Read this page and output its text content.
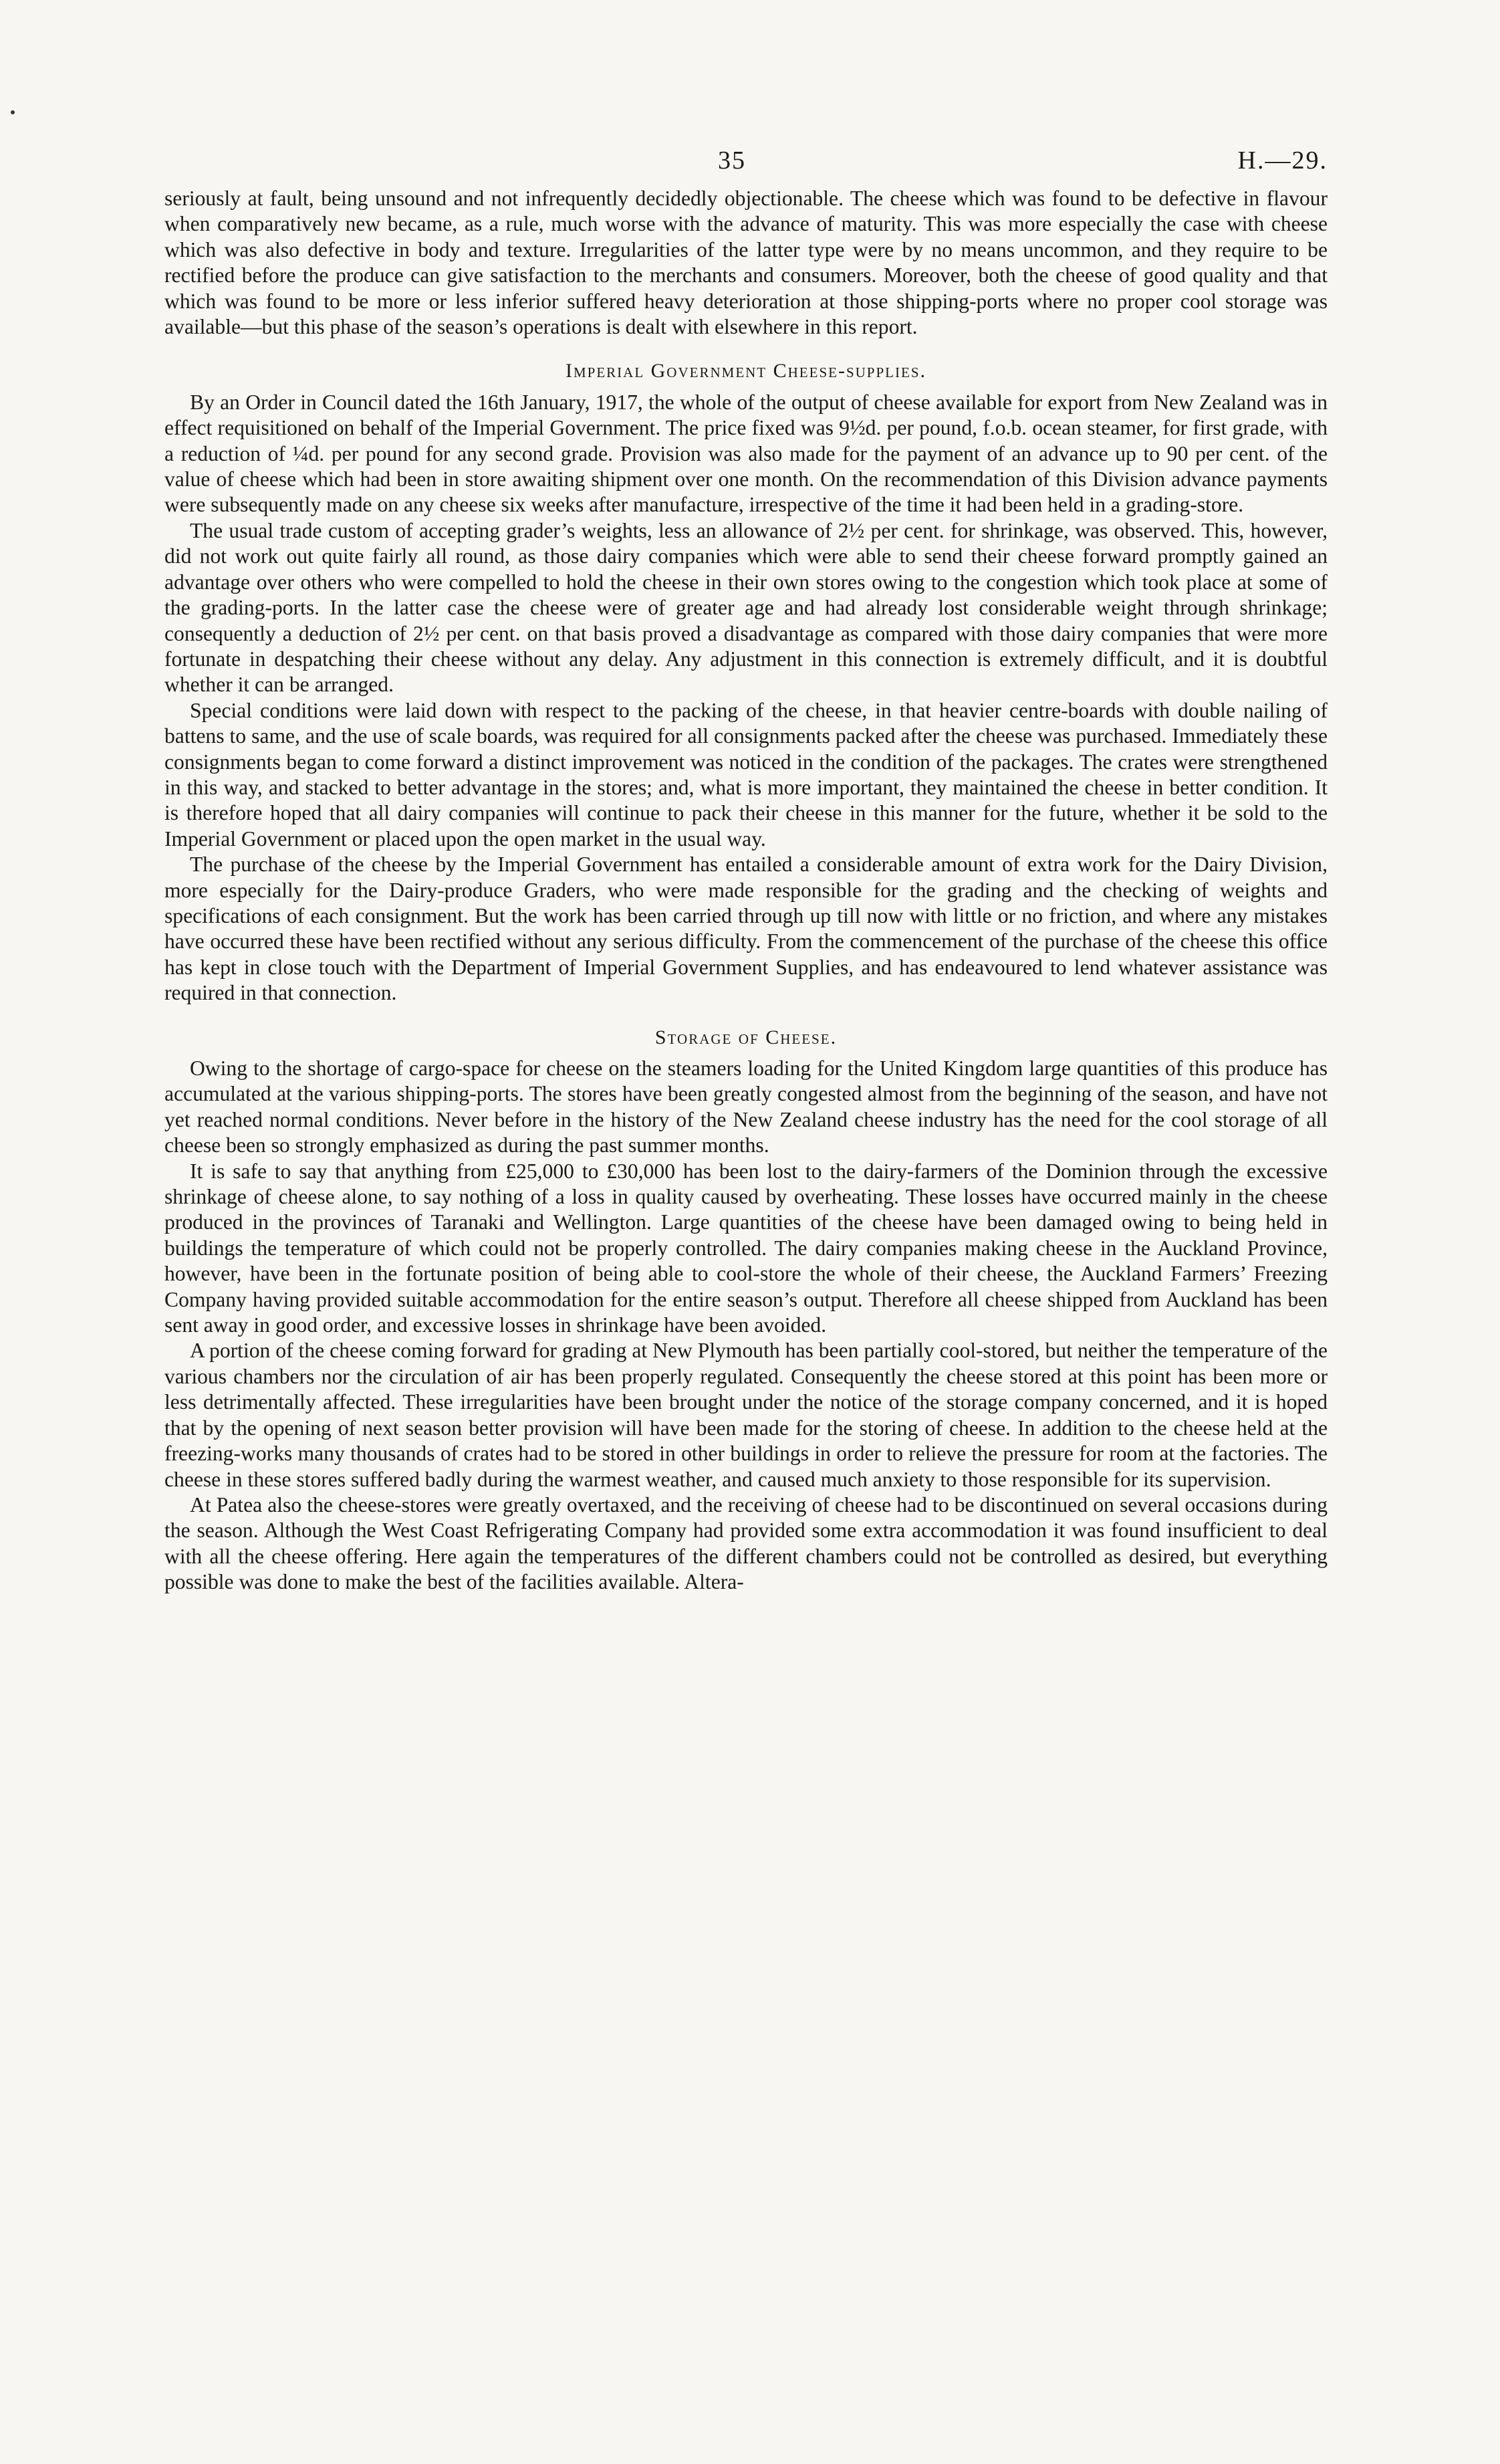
35	H.—29.

seriously at fault, being unsound and not infrequently decidedly objectionable. The cheese which was found to be defective in flavour when comparatively new became, as a rule, much worse with the advance of maturity. This was more especially the case with cheese which was also defective in body and texture. Irregularities of the latter type were by no means uncommon, and they require to be rectified before the produce can give satisfaction to the merchants and consumers. Moreover, both the cheese of good quality and that which was found to be more or less inferior suffered heavy deterioration at those shipping-ports where no proper cool storage was available—but this phase of the season’s operations is dealt with elsewhere in this report.

Imperial Government Cheese-supplies.

By an Order in Council dated the 16th January, 1917, the whole of the output of cheese available for export from New Zealand was in effect requisitioned on behalf of the Imperial Government. The price fixed was 9½d. per pound, f.o.b. ocean steamer, for first grade, with a reduction of ¼d. per pound for any second grade. Provision was also made for the payment of an advance up to 90 per cent. of the value of cheese which had been in store awaiting shipment over one month. On the recommendation of this Division advance payments were subsequently made on any cheese six weeks after manufacture, irrespective of the time it had been held in a grading-store.

The usual trade custom of accepting grader’s weights, less an allowance of 2½ per cent. for shrinkage, was observed. This, however, did not work out quite fairly all round, as those dairy companies which were able to send their cheese forward promptly gained an advantage over others who were compelled to hold the cheese in their own stores owing to the congestion which took place at some of the grading-ports. In the latter case the cheese were of greater age and had already lost considerable weight through shrinkage; consequently a deduction of 2½ per cent. on that basis proved a disadvantage as compared with those dairy companies that were more fortunate in despatching their cheese without any delay. Any adjustment in this connection is extremely difficult, and it is doubtful whether it can be arranged.

Special conditions were laid down with respect to the packing of the cheese, in that heavier centre-boards with double nailing of battens to same, and the use of scale boards, was required for all consignments packed after the cheese was purchased. Immediately these consignments began to come forward a distinct improvement was noticed in the condition of the packages. The crates were strengthened in this way, and stacked to better advantage in the stores; and, what is more important, they maintained the cheese in better condition. It is therefore hoped that all dairy companies will continue to pack their cheese in this manner for the future, whether it be sold to the Imperial Government or placed upon the open market in the usual way.

The purchase of the cheese by the Imperial Government has entailed a considerable amount of extra work for the Dairy Division, more especially for the Dairy-produce Graders, who were made responsible for the grading and the checking of weights and specifications of each consignment. But the work has been carried through up till now with little or no friction, and where any mistakes have occurred these have been rectified without any serious difficulty. From the commencement of the purchase of the cheese this office has kept in close touch with the Department of Imperial Government Supplies, and has endeavoured to lend whatever assistance was required in that connection.

Storage of Cheese.

Owing to the shortage of cargo-space for cheese on the steamers loading for the United Kingdom large quantities of this produce has accumulated at the various shipping-ports. The stores have been greatly congested almost from the beginning of the season, and have not yet reached normal conditions. Never before in the history of the New Zealand cheese industry has the need for the cool storage of all cheese been so strongly emphasized as during the past summer months.

It is safe to say that anything from £25,000 to £30,000 has been lost to the dairy-farmers of the Dominion through the excessive shrinkage of cheese alone, to say nothing of a loss in quality caused by overheating. These losses have occurred mainly in the cheese produced in the provinces of Taranaki and Wellington. Large quantities of the cheese have been damaged owing to being held in buildings the temperature of which could not be properly controlled. The dairy companies making cheese in the Auckland Province, however, have been in the fortunate position of being able to cool-store the whole of their cheese, the Auckland Farmers’ Freezing Company having provided suitable accommodation for the entire season’s output. Therefore all cheese shipped from Auckland has been sent away in good order, and excessive losses in shrinkage have been avoided.

A portion of the cheese coming forward for grading at New Plymouth has been partially cool-stored, but neither the temperature of the various chambers nor the circulation of air has been properly regulated. Consequently the cheese stored at this point has been more or less detrimentally affected. These irregularities have been brought under the notice of the storage company concerned, and it is hoped that by the opening of next season better provision will have been made for the storing of cheese. In addition to the cheese held at the freezing-works many thousands of crates had to be stored in other buildings in order to relieve the pressure for room at the factories. The cheese in these stores suffered badly during the warmest weather, and caused much anxiety to those responsible for its supervision.

At Patea also the cheese-stores were greatly overtaxed, and the receiving of cheese had to be discontinued on several occasions during the season. Although the West Coast Refrigerating Company had provided some extra accommodation it was found insufficient to deal with all the cheese offering. Here again the temperatures of the different chambers could not be controlled as desired, but everything possible was done to make the best of the facilities available. Altera-
